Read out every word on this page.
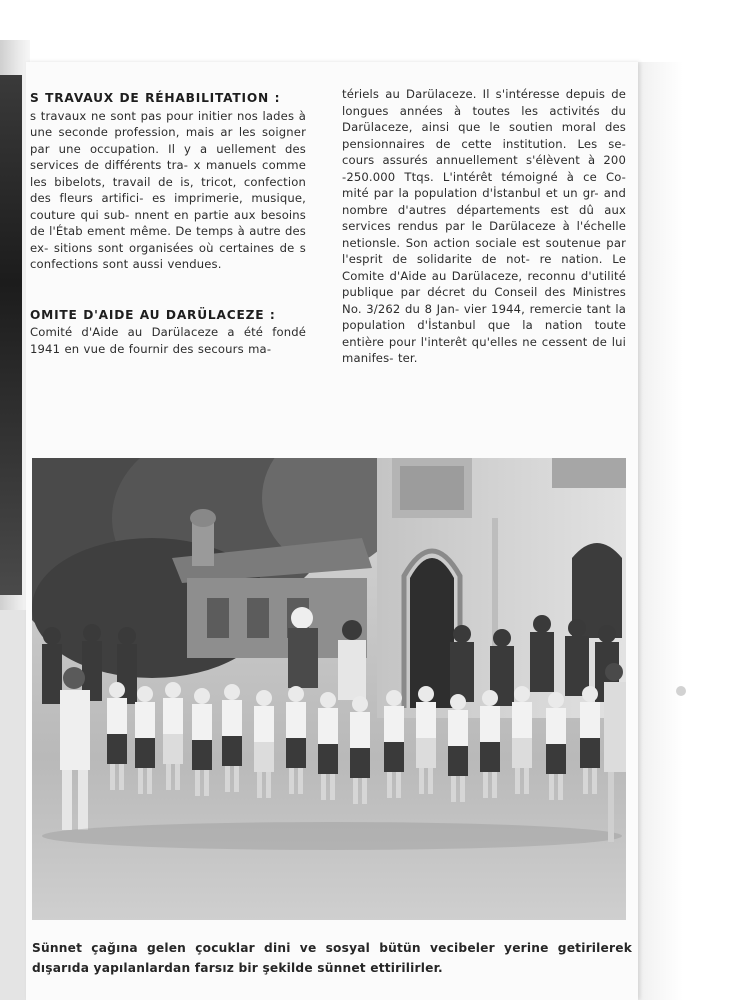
S TRAVAUX DE RÉHABILITATION :

s travaux ne sont pas pour initier nos lades à une seconde profession, mais ar les soigner par une occupation. Il y a uellement des services de différents tra- x manuels comme les bibelots, travail de is, tricot, confection des fleurs artifici- es imprimerie, musique, couture qui sub- nnent en partie aux besoins de l'Étab ement même. De temps à autre des ex- sitions sont organisées où certaines de s confections sont aussi vendues.

OMITE D'AIDE AU DARÜLACEZE :

Comité d'Aide au Darülaceze a été fondé 1941 en vue de fournir des secours ma-

tériels au Darülaceze. Il s'intéresse depuis de longues années à toutes les activités du Darülaceze, ainsi que le soutien moral des pensionnaires de cette institution. Les se- cours assurés annuellement s'élèvent à 200 -250.000 Ttqs. L'intérêt témoigné à ce Co- mité par la population d'İstanbul et un gr- and nombre d'autres départements est dû aux services rendus par le Darülaceze à l'échelle netionsle. Son action sociale est soutenue par l'esprit de solidarite de not- re nation. Le Comite d'Aide au Darülaceze, reconnu d'utilité publique par décret du Conseil des Ministres No. 3/262 du 8 Jan- vier 1944, remercie tant la population d'İstanbul que la nation toute entière pour l'interêt qu'elles ne cessent de lui manifes- ter.

Sünnet çağına gelen çocuklar dini ve sosyal bütün vecibeler yerine getirilerek dışarıda yapılanlardan farsız bir şekilde sünnet ettirilirler.
